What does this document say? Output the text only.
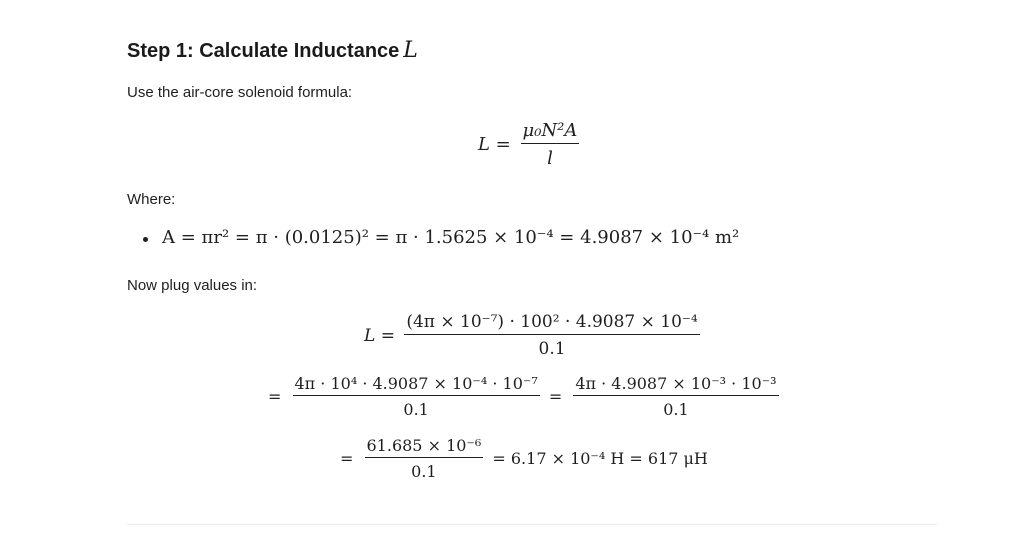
Step 1: Calculate Inductance L
Use the air-core solenoid formula:
$L = \frac{\text{μ₀N²A}}{l}$
Where:
A = πr² = π · (0.0125)² = π · 1.5625 × 10⁻⁴ = 4.9087 × 10⁻⁴ m²
Now plug values in:
$L = \frac{\text{(4π × 10⁻⁷) · 100² · 4.9087 × 10⁻⁴}}{0.1}$
= $\frac{\text{4π · 10⁴ · 4.9087 × 10⁻⁴ · 10⁻⁷}}{0.1} = \frac{\text{4π · 4.9087 × 10⁻³ · 10⁻³}}{0.1}$
= $\frac{\text{61.685 × 10⁻⁶}}{0.1} = 6.17 \times 10^{-4}$ H = 617 μH
